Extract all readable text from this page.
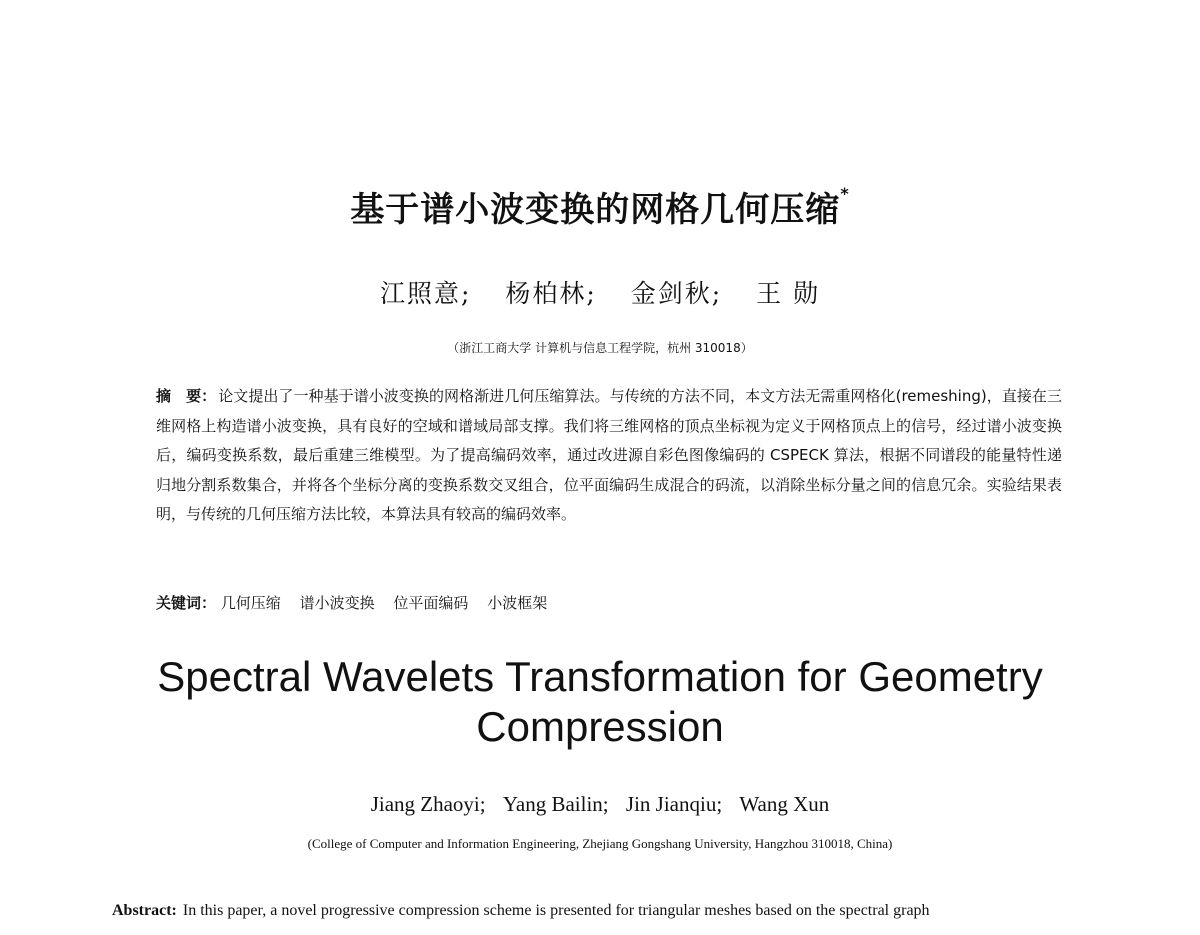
基于谱小波变换的网格几何压缩*

江照意; 杨柏林; 金剑秋; 王 勋

（浙江工商大学 计算机与信息工程学院，杭州 310018）

摘　要： 论文提出了一种基于谱小波变换的网格渐进几何压缩算法。与传统的方法不同，本文方法无需重网格化(remeshing)，直接在三维网格上构造谱小波变换，具有良好的空域和谱域局部支撑。我们将三维网格的顶点坐标视为定义于网格顶点上的信号，经过谱小波变换后，编码变换系数，最后重建三维模型。为了提高编码效率，通过改进源自彩色图像编码的 CSPECK 算法，根据不同谱段的能量特性递归地分割系数集合，并将各个坐标分离的变换系数交叉组合，位平面编码生成混合的码流，以消除坐标分量之间的信息冗余。实验结果表明，与传统的几何压缩方法比较，本算法具有较高的编码效率。

关键词： 几何压缩 谱小波变换 位平面编码 小波框架

Spectral Wavelets Transformation for Geometry Compression

Jiang Zhaoyi; Yang Bailin; Jin Jianqiu; Wang Xun

(College of Computer and Information Engineering, Zhejiang Gongshang University, Hangzhou 310018, China)

Abstract: In this paper, a novel progressive compression scheme is presented for triangular meshes based on the spectral graph
